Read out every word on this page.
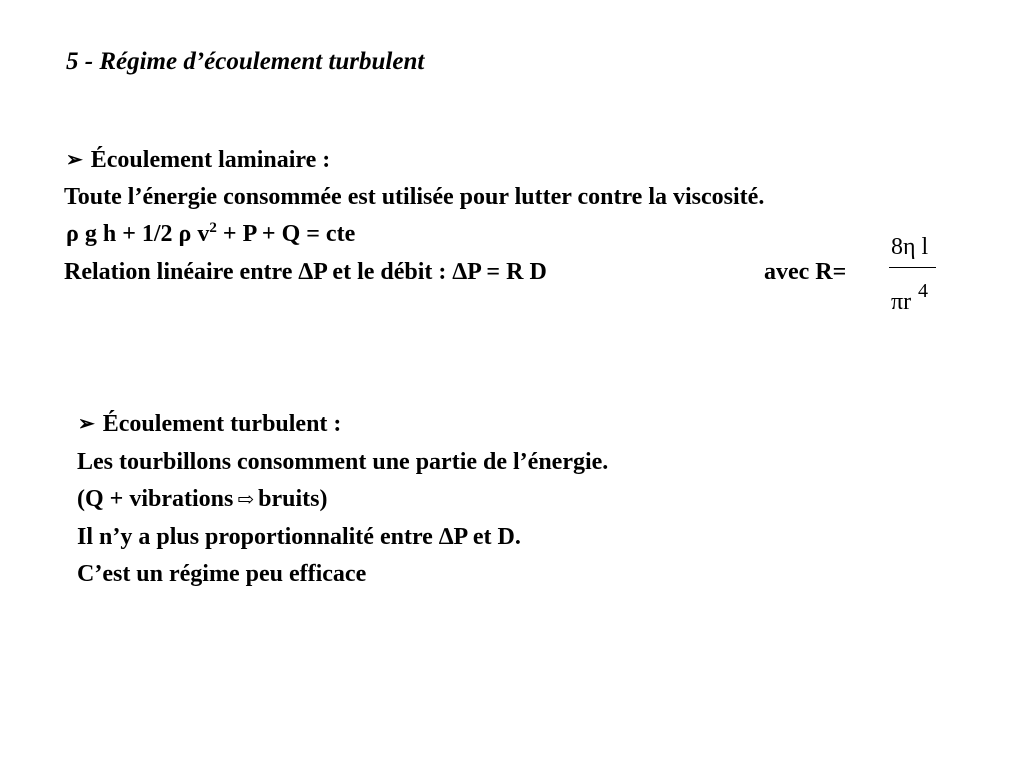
5 - Régime d’écoulement turbulent
➢ Écoulement laminaire :
Toute l’énergie consommée est utilisée pour lutter contre la viscosité.
ρ g h + 1/2 ρ $v^2 + P + Q$ = cte
Relation linéaire entre ∆P et le débit : ∆P = R D	avec R=
8η l
πr 4
➢ Écoulement turbulent :
Les tourbillons consomment une partie de l’énergie.
(Q + vibrations ⇨ bruits)
Il n’y a plus proportionnalité entre ∆P et D.
C’est un régime peu efficace
